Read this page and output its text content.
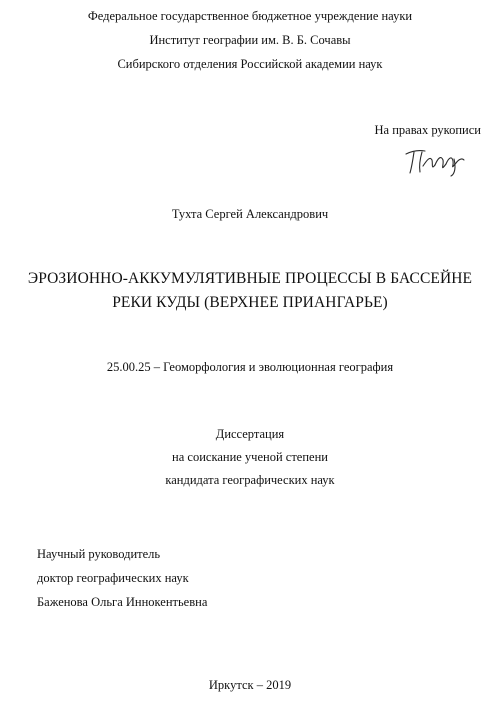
Федеральное государственное бюджетное учреждение науки
Институт географии им. В. Б. Сочавы
Сибирского отделения Российской академии наук
На правах рукописи
Тухта Сергей Александрович
ЭРОЗИОННО-АККУМУЛЯТИВНЫЕ ПРОЦЕССЫ В БАССЕЙНЕ
РЕКИ КУДЫ (ВЕРХНЕЕ ПРИАНГАРЬЕ)
25.00.25 – Геоморфология и эволюционная география
Диссертация
на соискание ученой степени
кандидата географических наук
Научный руководитель
доктор географических наук
Баженова Ольга Иннокентьевна
Иркутск – 2019
